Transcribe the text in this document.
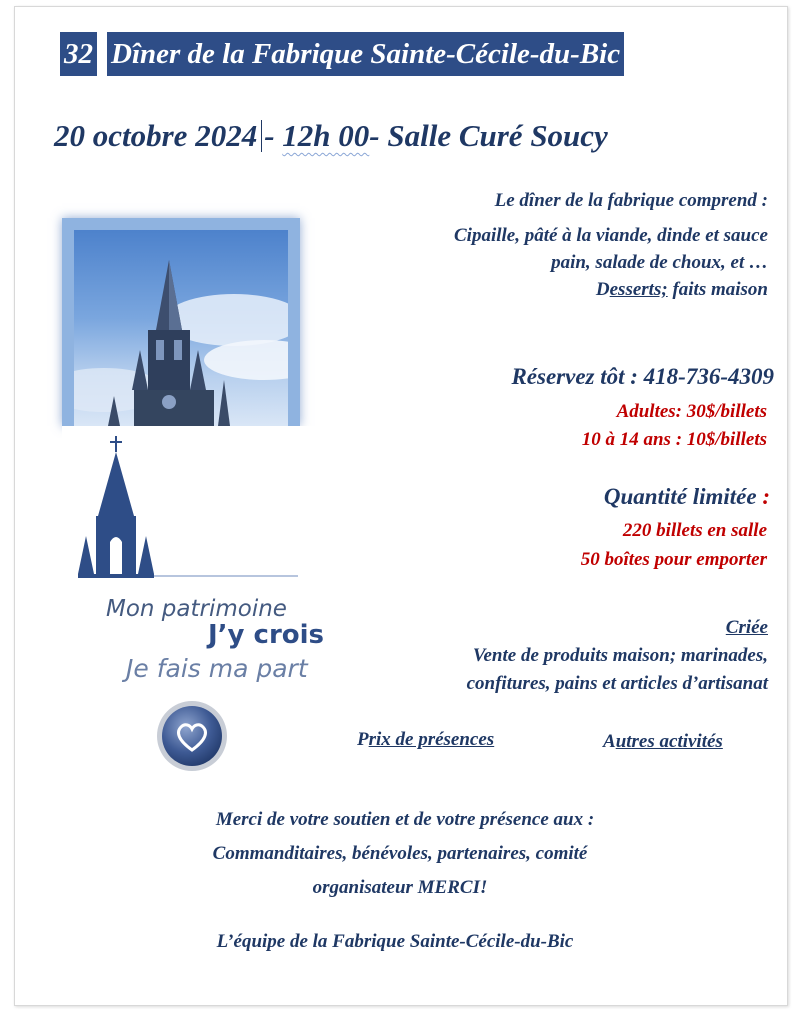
32 Dîner de la Fabrique Sainte-Cécile-du-Bic
20 octobre 2024 - 12h 00- Salle Curé Soucy
Le dîner de la fabrique comprend :
Cipaille, pâté à la viande, dinde et sauce
pain, salade de choux, et …
Desserts; faits maison
Réservez tôt : 418-736-4309
Adultes: 30$/billets
10 à 14 ans : 10$/billets
Quantité limitée :
220 billets en salle
50 boîtes pour emporter
Criée
Vente de produits maison; marinades,
confitures, pains et articles d’artisanat
Prix de présences	Autres activités
Mon patrimoine
J’y crois
Je fais ma part
Merci de votre soutien et de votre présence aux :
Commanditaires, bénévoles, partenaires, comité
organisateur MERCI!
L’équipe de la Fabrique Sainte-Cécile-du-Bic
